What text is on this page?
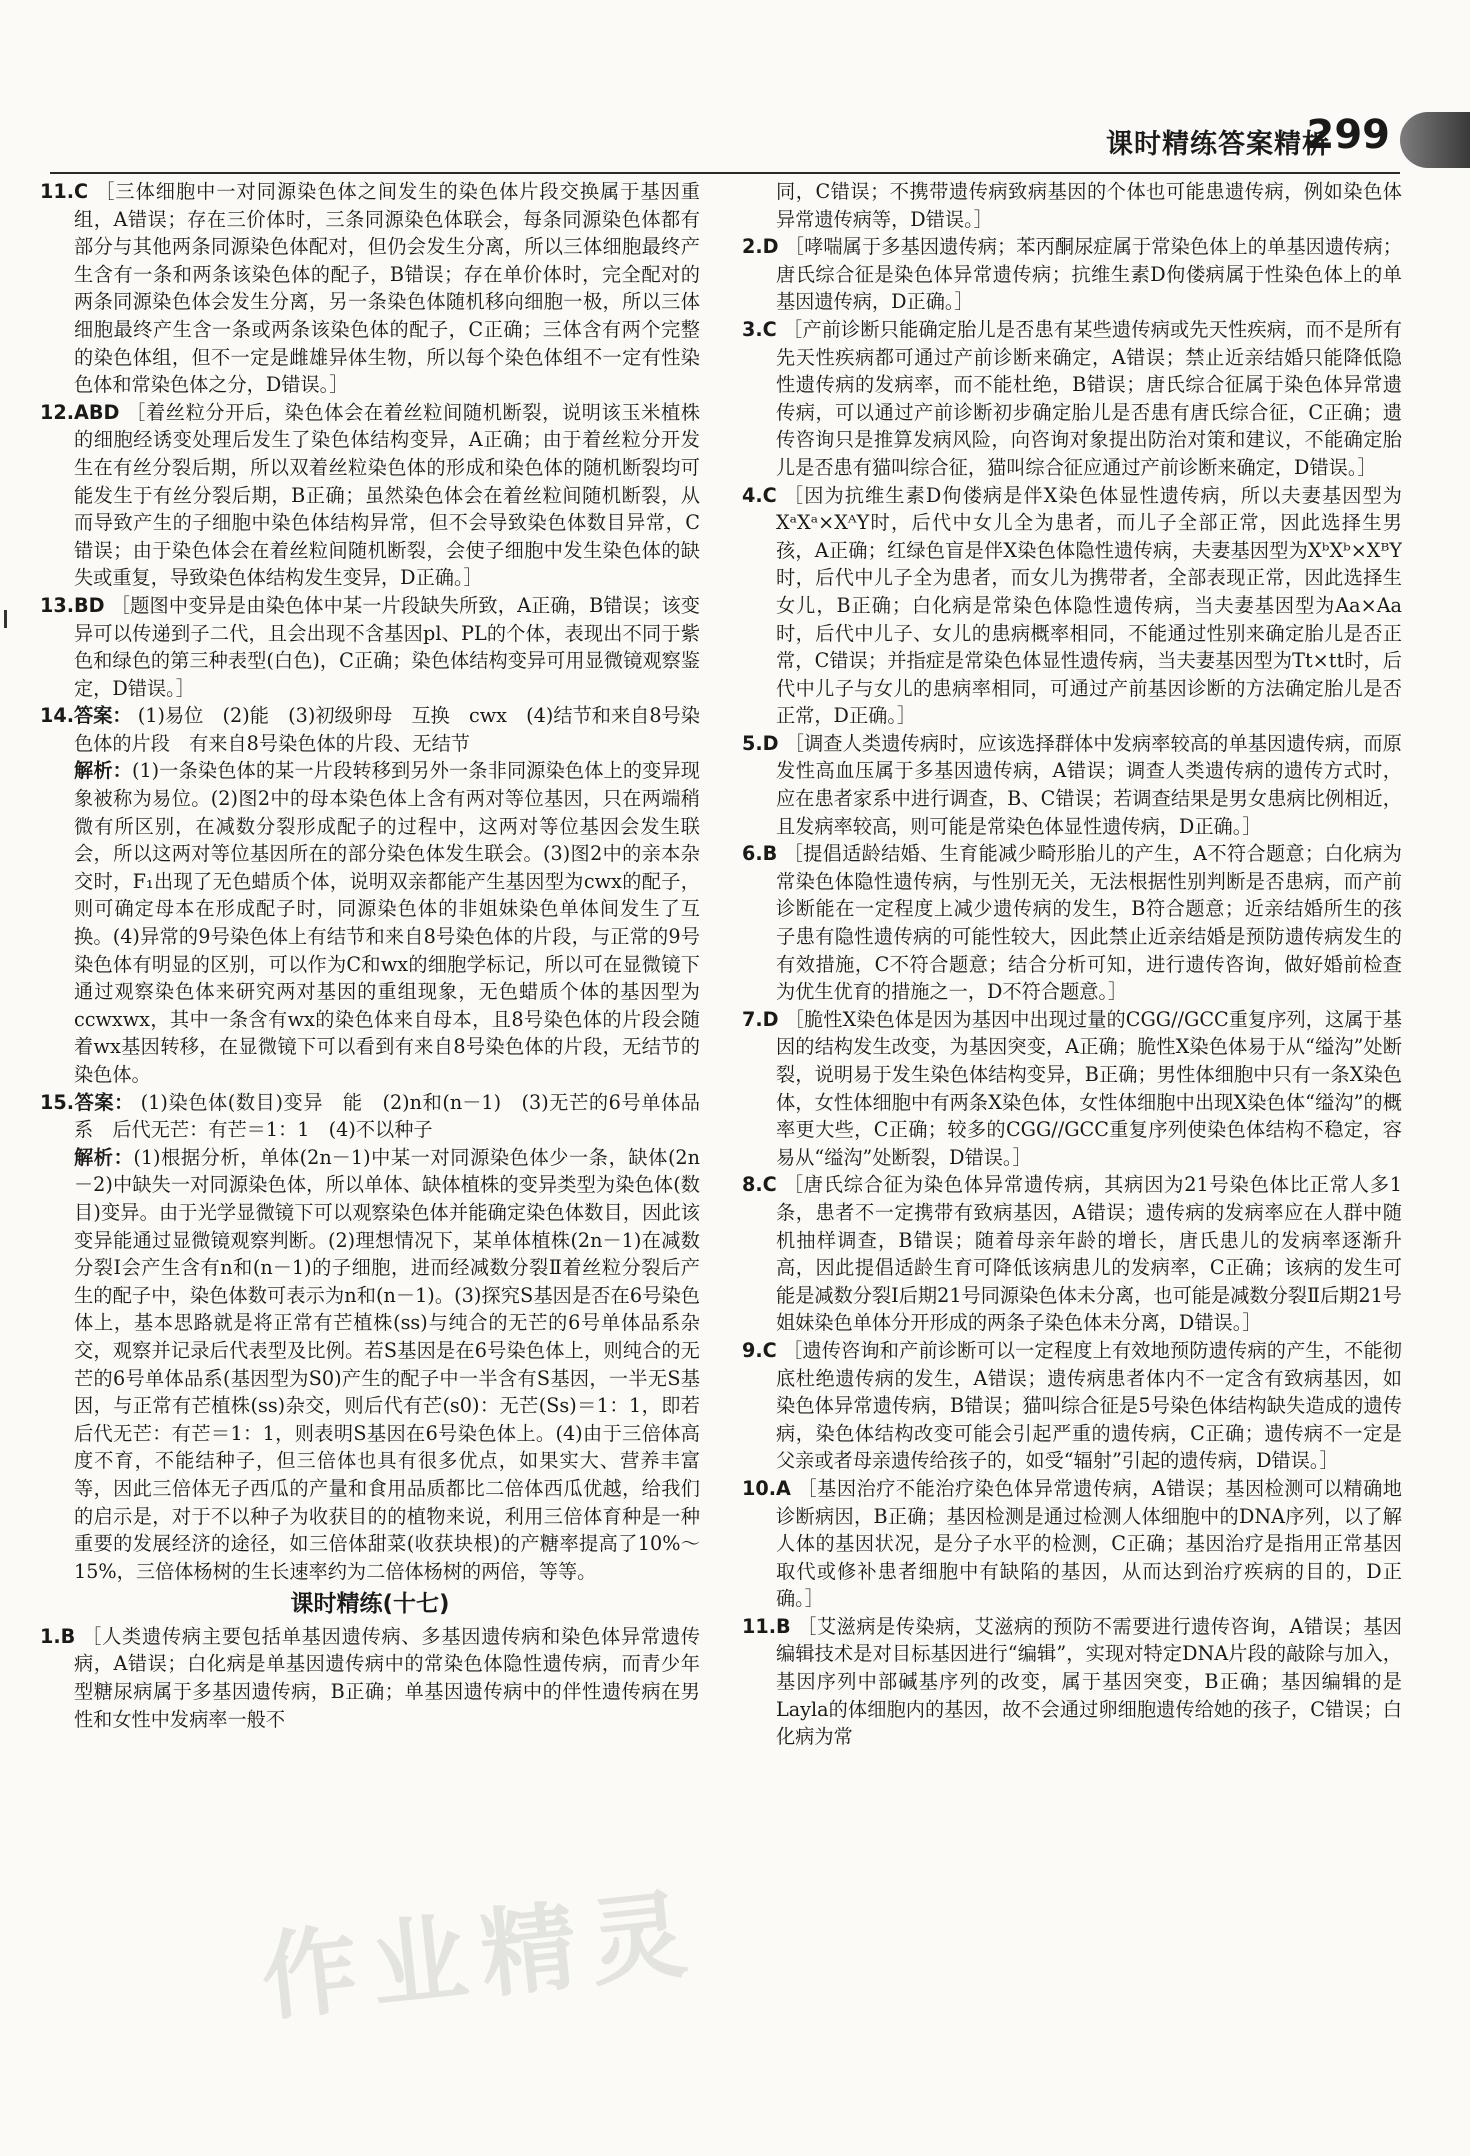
课时精练答案精析
299

11.C ［三体细胞中一对同源染色体之间发生的染色体片段交换属于基因重组，A错误；存在三价体时，三条同源染色体联会，每条同源染色体都有部分与其他两条同源染色体配对，但仍会发生分离，所以三体细胞最终产生含有一条和两条该染色体的配子，B错误；存在单价体时，完全配对的两条同源染色体会发生分离，另一条染色体随机移向细胞一极，所以三体细胞最终产生含一条或两条该染色体的配子，C正确；三体含有两个完整的染色体组，但不一定是雌雄异体生物，所以每个染色体组不一定有性染色体和常染色体之分，D错误。］

12.ABD ［着丝粒分开后，染色体会在着丝粒间随机断裂，说明该玉米植株的细胞经诱变处理后发生了染色体结构变异，A正确；由于着丝粒分开发生在有丝分裂后期，所以双着丝粒染色体的形成和染色体的随机断裂均可能发生于有丝分裂后期，B正确；虽然染色体会在着丝粒间随机断裂，从而导致产生的子细胞中染色体结构异常，但不会导致染色体数目异常，C错误；由于染色体会在着丝粒间随机断裂，会使子细胞中发生染色体的缺失或重复，导致染色体结构发生变异，D正确。］

13.BD ［题图中变异是由染色体中某一片段缺失所致，A正确，B错误；该变异可以传递到子二代，且会出现不含基因pl、PL的个体，表现出不同于紫色和绿色的第三种表型(白色)，C正确；染色体结构变异可用显微镜观察鉴定，D错误。］

14.答案： (1)易位　(2)能　(3)初级卵母　互换　cwx　(4)结节和来自8号染色体的片段　有来自8号染色体的片段、无结节

解析：(1)一条染色体的某一片段转移到另外一条非同源染色体上的变异现象被称为易位。(2)图2中的母本染色体上含有两对等位基因，只在两端稍微有所区别，在减数分裂形成配子的过程中，这两对等位基因会发生联会，所以这两对等位基因所在的部分染色体发生联会。(3)图2中的亲本杂交时，F₁出现了无色蜡质个体，说明双亲都能产生基因型为cwx的配子，则可确定母本在形成配子时，同源染色体的非姐妹染色单体间发生了互换。(4)异常的9号染色体上有结节和来自8号染色体的片段，与正常的9号染色体有明显的区别，可以作为C和wx的细胞学标记，所以可在显微镜下通过观察染色体来研究两对基因的重组现象，无色蜡质个体的基因型为ccwxwx，其中一条含有wx的染色体来自母本，且8号染色体的片段会随着wx基因转移，在显微镜下可以看到有来自8号染色体的片段，无结节的染色体。

15.答案： (1)染色体(数目)变异　能　(2)n和(n－1)　(3)无芒的6号单体品系　后代无芒：有芒＝1：1　(4)不以种子

解析：(1)根据分析，单体(2n－1)中某一对同源染色体少一条，缺体(2n－2)中缺失一对同源染色体，所以单体、缺体植株的变异类型为染色体(数目)变异。由于光学显微镜下可以观察染色体并能确定染色体数目，因此该变异能通过显微镜观察判断。(2)理想情况下，某单体植株(2n－1)在减数分裂Ⅰ会产生含有n和(n－1)的子细胞，进而经减数分裂Ⅱ着丝粒分裂后产生的配子中，染色体数可表示为n和(n－1)。(3)探究S基因是否在6号染色体上，基本思路就是将正常有芒植株(ss)与纯合的无芒的6号单体品系杂交，观察并记录后代表型及比例。若S基因是在6号染色体上，则纯合的无芒的6号单体品系(基因型为S0)产生的配子中一半含有S基因，一半无S基因，与正常有芒植株(ss)杂交，则后代有芒(s0)：无芒(Ss)＝1：1，即若后代无芒：有芒＝1：1，则表明S基因在6号染色体上。(4)由于三倍体高度不育，不能结种子，但三倍体也具有很多优点，如果实大、营养丰富等，因此三倍体无子西瓜的产量和食用品质都比二倍体西瓜优越，给我们的启示是，对于不以种子为收获目的的植物来说，利用三倍体育种是一种重要的发展经济的途径，如三倍体甜菜(收获块根)的产糖率提高了10%～15%，三倍体杨树的生长速率约为二倍体杨树的两倍，等等。

课时精练(十七)

1.B ［人类遗传病主要包括单基因遗传病、多基因遗传病和染色体异常遗传病，A错误；白化病是单基因遗传病中的常染色体隐性遗传病，而青少年型糖尿病属于多基因遗传病，B正确；单基因遗传病中的伴性遗传病在男性和女性中发病率一般不

同，C错误；不携带遗传病致病基因的个体也可能患遗传病，例如染色体异常遗传病等，D错误。］

2.D ［哮喘属于多基因遗传病；苯丙酮尿症属于常染色体上的单基因遗传病；唐氏综合征是染色体异常遗传病；抗维生素D佝偻病属于性染色体上的单基因遗传病，D正确。］

3.C ［产前诊断只能确定胎儿是否患有某些遗传病或先天性疾病，而不是所有先天性疾病都可通过产前诊断来确定，A错误；禁止近亲结婚只能降低隐性遗传病的发病率，而不能杜绝，B错误；唐氏综合征属于染色体异常遗传病，可以通过产前诊断初步确定胎儿是否患有唐氏综合征，C正确；遗传咨询只是推算发病风险，向咨询对象提出防治对策和建议，不能确定胎儿是否患有猫叫综合征，猫叫综合征应通过产前诊断来确定，D错误。］

4.C ［因为抗维生素D佝偻病是伴X染色体显性遗传病，所以夫妻基因型为XᵃXᵃ×XᴬY时，后代中女儿全为患者，而儿子全部正常，因此选择生男孩，A正确；红绿色盲是伴X染色体隐性遗传病，夫妻基因型为XᵇXᵇ×XᴮY时，后代中儿子全为患者，而女儿为携带者，全部表现正常，因此选择生女儿，B正确；白化病是常染色体隐性遗传病，当夫妻基因型为Aa×Aa时，后代中儿子、女儿的患病概率相同，不能通过性别来确定胎儿是否正常，C错误；并指症是常染色体显性遗传病，当夫妻基因型为Tt×tt时，后代中儿子与女儿的患病率相同，可通过产前基因诊断的方法确定胎儿是否正常，D正确。］

5.D ［调查人类遗传病时，应该选择群体中发病率较高的单基因遗传病，而原发性高血压属于多基因遗传病，A错误；调查人类遗传病的遗传方式时，应在患者家系中进行调查，B、C错误；若调查结果是男女患病比例相近，且发病率较高，则可能是常染色体显性遗传病，D正确。］

6.B ［提倡适龄结婚、生育能减少畸形胎儿的产生，A不符合题意；白化病为常染色体隐性遗传病，与性别无关，无法根据性别判断是否患病，而产前诊断能在一定程度上减少遗传病的发生，B符合题意；近亲结婚所生的孩子患有隐性遗传病的可能性较大，因此禁止近亲结婚是预防遗传病发生的有效措施，C不符合题意；结合分析可知，进行遗传咨询，做好婚前检查为优生优育的措施之一，D不符合题意。］

7.D ［脆性X染色体是因为基因中出现过量的CGG//GCC重复序列，这属于基因的结构发生改变，为基因突变，A正确；脆性X染色体易于从“缢沟”处断裂，说明易于发生染色体结构变异，B正确；男性体细胞中只有一条X染色体，女性体细胞中有两条X染色体，女性体细胞中出现X染色体“缢沟”的概率更大些，C正确；较多的CGG//GCC重复序列使染色体结构不稳定，容易从“缢沟”处断裂，D错误。］

8.C ［唐氏综合征为染色体异常遗传病，其病因为21号染色体比正常人多1条，患者不一定携带有致病基因，A错误；遗传病的发病率应在人群中随机抽样调查，B错误；随着母亲年龄的增长，唐氏患儿的发病率逐渐升高，因此提倡适龄生育可降低该病患儿的发病率，C正确；该病的发生可能是减数分裂Ⅰ后期21号同源染色体未分离，也可能是减数分裂Ⅱ后期21号姐妹染色单体分开形成的两条子染色体未分离，D错误。］

9.C ［遗传咨询和产前诊断可以一定程度上有效地预防遗传病的产生，不能彻底杜绝遗传病的发生，A错误；遗传病患者体内不一定含有致病基因，如染色体异常遗传病，B错误；猫叫综合征是5号染色体结构缺失造成的遗传病，染色体结构改变可能会引起严重的遗传病，C正确；遗传病不一定是父亲或者母亲遗传给孩子的，如受“辐射”引起的遗传病，D错误。］

10.A ［基因治疗不能治疗染色体异常遗传病，A错误；基因检测可以精确地诊断病因，B正确；基因检测是通过检测人体细胞中的DNA序列，以了解人体的基因状况，是分子水平的检测，C正确；基因治疗是指用正常基因取代或修补患者细胞中有缺陷的基因，从而达到治疗疾病的目的，D正确。］

11.B ［艾滋病是传染病，艾滋病的预防不需要进行遗传咨询，A错误；基因编辑技术是对目标基因进行“编辑”，实现对特定DNA片段的敲除与加入，基因序列中部碱基序列的改变，属于基因突变，B正确；基因编辑的是Layla的体细胞内的基因，故不会通过卵细胞遗传给她的孩子，C错误；白化病为常

作业精灵
